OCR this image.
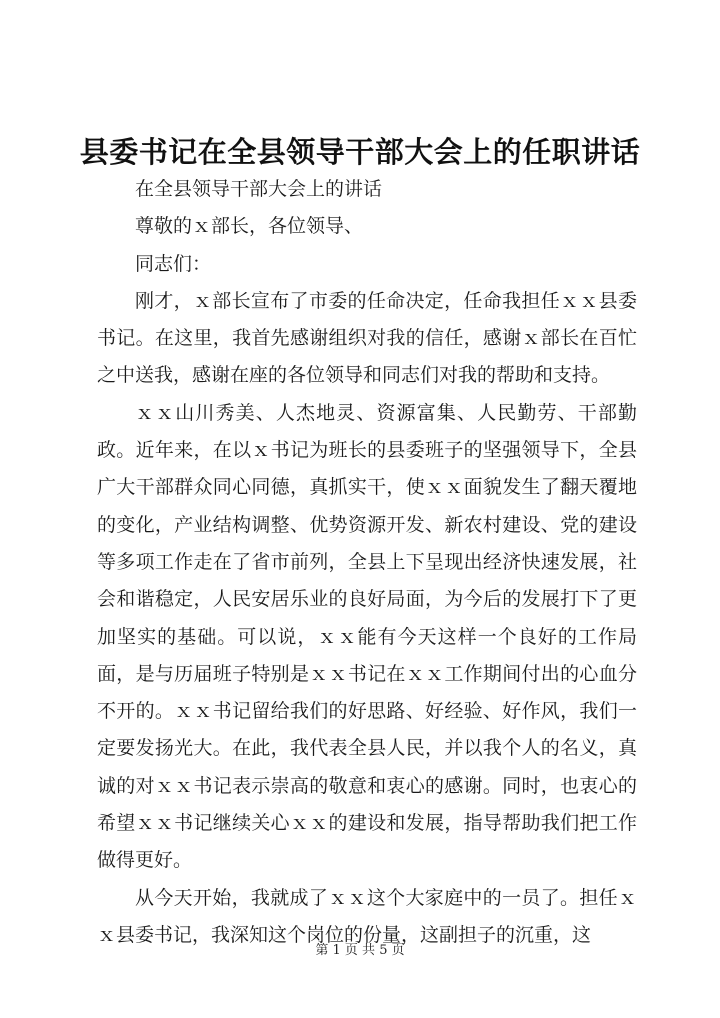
县委书记在全县领导干部大会上的任职讲话

在全县领导干部大会上的讲话

尊敬的ｘ部长，各位领导、

同志们：

刚才，ｘ部长宣布了市委的任命决定，任命我担任ｘｘ县委书记。在这里，我首先感谢组织对我的信任，感谢ｘ部长在百忙之中送我，感谢在座的各位领导和同志们对我的帮助和支持。

ｘｘ山川秀美、人杰地灵、资源富集、人民勤劳、干部勤政。近年来，在以ｘ书记为班长的县委班子的坚强领导下，全县广大干部群众同心同德，真抓实干，使ｘｘ面貌发生了翻天覆地的变化，产业结构调整、优势资源开发、新农村建设、党的建设等多项工作走在了省市前列，全县上下呈现出经济快速发展，社会和谐稳定，人民安居乐业的良好局面，为今后的发展打下了更加坚实的基础。可以说，ｘｘ能有今天这样一个良好的工作局面，是与历届班子特别是ｘｘ书记在ｘｘ工作期间付出的心血分不开的。ｘｘ书记留给我们的好思路、好经验、好作风，我们一定要发扬光大。在此，我代表全县人民，并以我个人的名义，真诚的对ｘｘ书记表示崇高的敬意和衷心的感谢。同时，也衷心的希望ｘｘ书记继续关心ｘｘ的建设和发展，指导帮助我们把工作做得更好。

从今天开始，我就成了ｘｘ这个大家庭中的一员了。担任ｘｘ县委书记，我深知这个岗位的份量，这副担子的沉重，这

第 1 页 共 5 页
